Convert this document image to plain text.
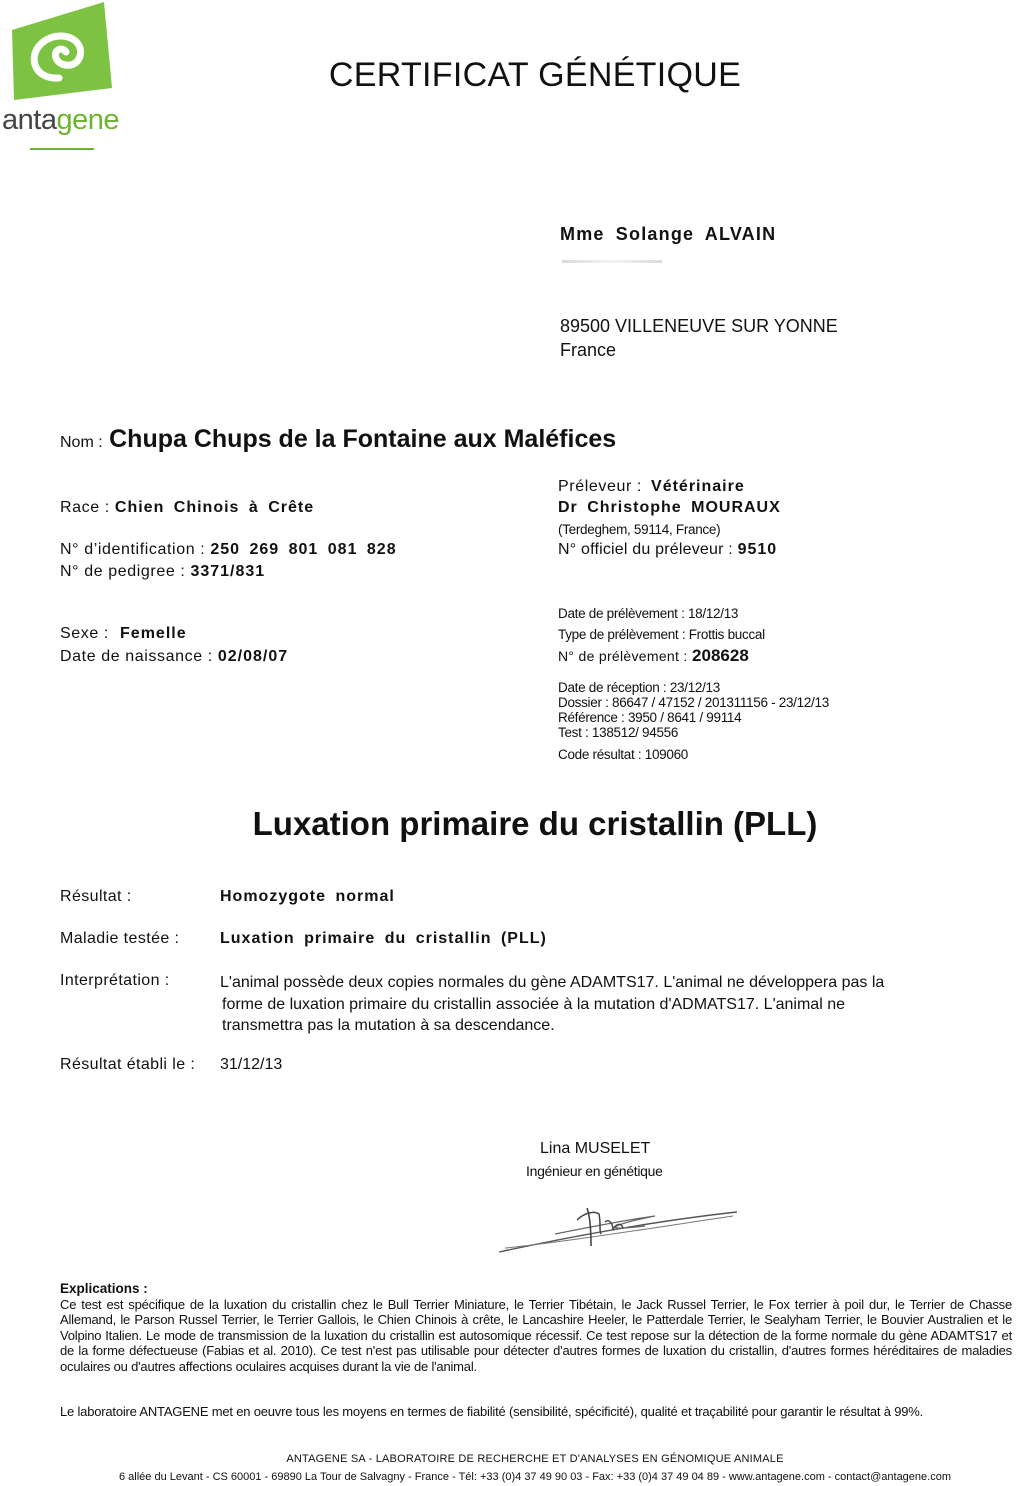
antagene
CERTIFICAT GÉNÉTIQUE
Mme Solange ALVAIN
89500 VILLENEUVE SUR YONNE
France
Nom : Chupa Chups de la Fontaine aux Maléfices
Race : Chien Chinois à Crête
N° d’identification : 250 269 801 081 828
N° de pedigree : 3371/831
Sexe : Femelle
Date de naissance : 02/08/07
Préleveur : Vétérinaire
Dr Christophe MOURAUX
(Terdeghem, 59114, France)
N° officiel du préleveur : 9510
Date de prélèvement : 18/12/13
Type de prélèvement : Frottis buccal
N° de prélèvement : 208628
Date de réception : 23/12/13
Dossier : 86647 / 47152 / 201311156 - 23/12/13
Référence : 3950 / 8641 / 99114
Test : 138512/ 94556
Code résultat : 109060
Luxation primaire du cristallin (PLL)
Résultat :	Homozygote normal
Maladie testée :	Luxation primaire du cristallin (PLL)
Interprétation :	L'animal possède deux copies normales du gène ADAMTS17. L'animal ne développera pas la
forme de luxation primaire du cristallin associée à la mutation d'ADMATS17. L'animal ne
transmettra pas la mutation à sa descendance.
Résultat établi le : 31/12/13
Lina MUSELET
Ingénieur en génétique
Explications :
Ce test est spécifique de la luxation du cristallin chez le Bull Terrier Miniature, le Terrier Tibétain, le Jack Russel Terrier, le Fox terrier à poil dur, le Terrier de Chasse Allemand, le Parson Russel Terrier, le Terrier Gallois, le Chien Chinois à crête, le Lancashire Heeler, le Patterdale Terrier, le Sealyham Terrier, le Bouvier Australien et le Volpino Italien. Le mode de transmission de la luxation du cristallin est autosomique récessif. Ce test repose sur la détection de la forme normale du gène ADAMTS17 et de la forme défectueuse (Fabias et al. 2010). Ce test n'est pas utilisable pour détecter d'autres formes de luxation du cristallin, d'autres formes héréditaires de maladies oculaires ou d'autres affections oculaires acquises durant la vie de l'animal.
Le laboratoire ANTAGENE met en oeuvre tous les moyens en termes de fiabilité (sensibilité, spécificité), qualité et traçabilité pour garantir le résultat à 99%.
ANTAGENE SA - LABORATOIRE DE RECHERCHE ET D'ANALYSES EN GÉNOMIQUE ANIMALE
6 allée du Levant - CS 60001 - 69890 La Tour de Salvagny - France - Tél: +33 (0)4 37 49 90 03 - Fax: +33 (0)4 37 49 04 89 - www.antagene.com - contact@antagene.com
